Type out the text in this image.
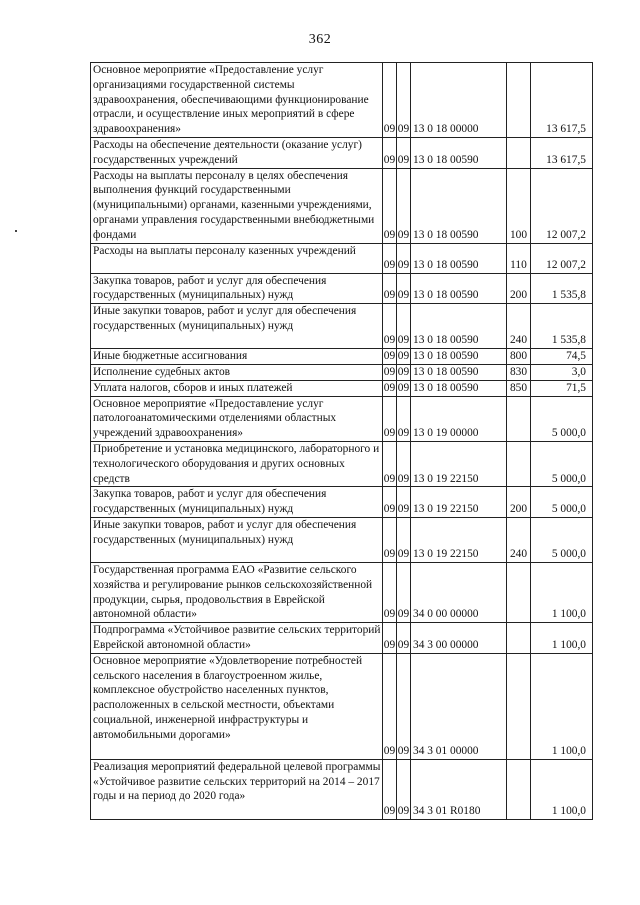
362
Основное мероприятие «Предоставление услуг организациями государственной системы здравоохранения, обеспечивающими функционирование отрасли, и осуществление иных мероприятий в сфере здравоохранения»	09	09	13 0 18 00000		13 617,5
Расходы на обеспечение деятельности (оказание услуг) государственных учреждений	09	09	13 0 18 00590		13 617,5
Расходы на выплаты персоналу в целях обеспечения выполнения функций государственными (муниципальными) органами, казенными учреждениями, органами управления государственными внебюджетными фондами	09	09	13 0 18 00590	100	12 007,2
Расходы на выплаты персоналу казенных учреждений	09	09	13 0 18 00590	110	12 007,2
Закупка товаров, работ и услуг для обеспечения государственных (муниципальных) нужд	09	09	13 0 18 00590	200	1 535,8
Иные закупки товаров, работ и услуг для обеспечения государственных (муниципальных) нужд	09	09	13 0 18 00590	240	1 535,8
Иные бюджетные ассигнования	09	09	13 0 18 00590	800	74,5
Исполнение судебных актов	09	09	13 0 18 00590	830	3,0
Уплата налогов, сборов и иных платежей	09	09	13 0 18 00590	850	71,5
Основное мероприятие «Предоставление услуг патологоанатомическими отделениями областных учреждений здравоохранения»	09	09	13 0 19 00000		5 000,0
Приобретение и установка медицинского, лабораторного и технологического оборудования и других основных средств	09	09	13 0 19 22150		5 000,0
Закупка товаров, работ и услуг для обеспечения государственных (муниципальных) нужд	09	09	13 0 19 22150	200	5 000,0
Иные закупки товаров, работ и услуг для обеспечения государственных (муниципальных) нужд	09	09	13 0 19 22150	240	5 000,0
Государственная программа ЕАО «Развитие сельского хозяйства и регулирование рынков сельскохозяйственной продукции, сырья, продовольствия в Еврейской автономной области»	09	09	34 0 00 00000		1 100,0
Подпрограмма «Устойчивое развитие сельских территорий Еврейской автономной области»	09	09	34 3 00 00000		1 100,0
Основное мероприятие «Удовлетворение потребностей сельского населения в благоустроенном жилье, комплексное обустройство населенных пунктов, расположенных в сельской местности, объектами социальной, инженерной инфраструктуры и автомобильными дорогами»	09	09	34 3 01 00000		1 100,0
Реализация мероприятий федеральной целевой программы «Устойчивое развитие сельских территорий на 2014 – 2017 годы и на период до 2020 года»	09	09	34 3 01 R0180		1 100,0
